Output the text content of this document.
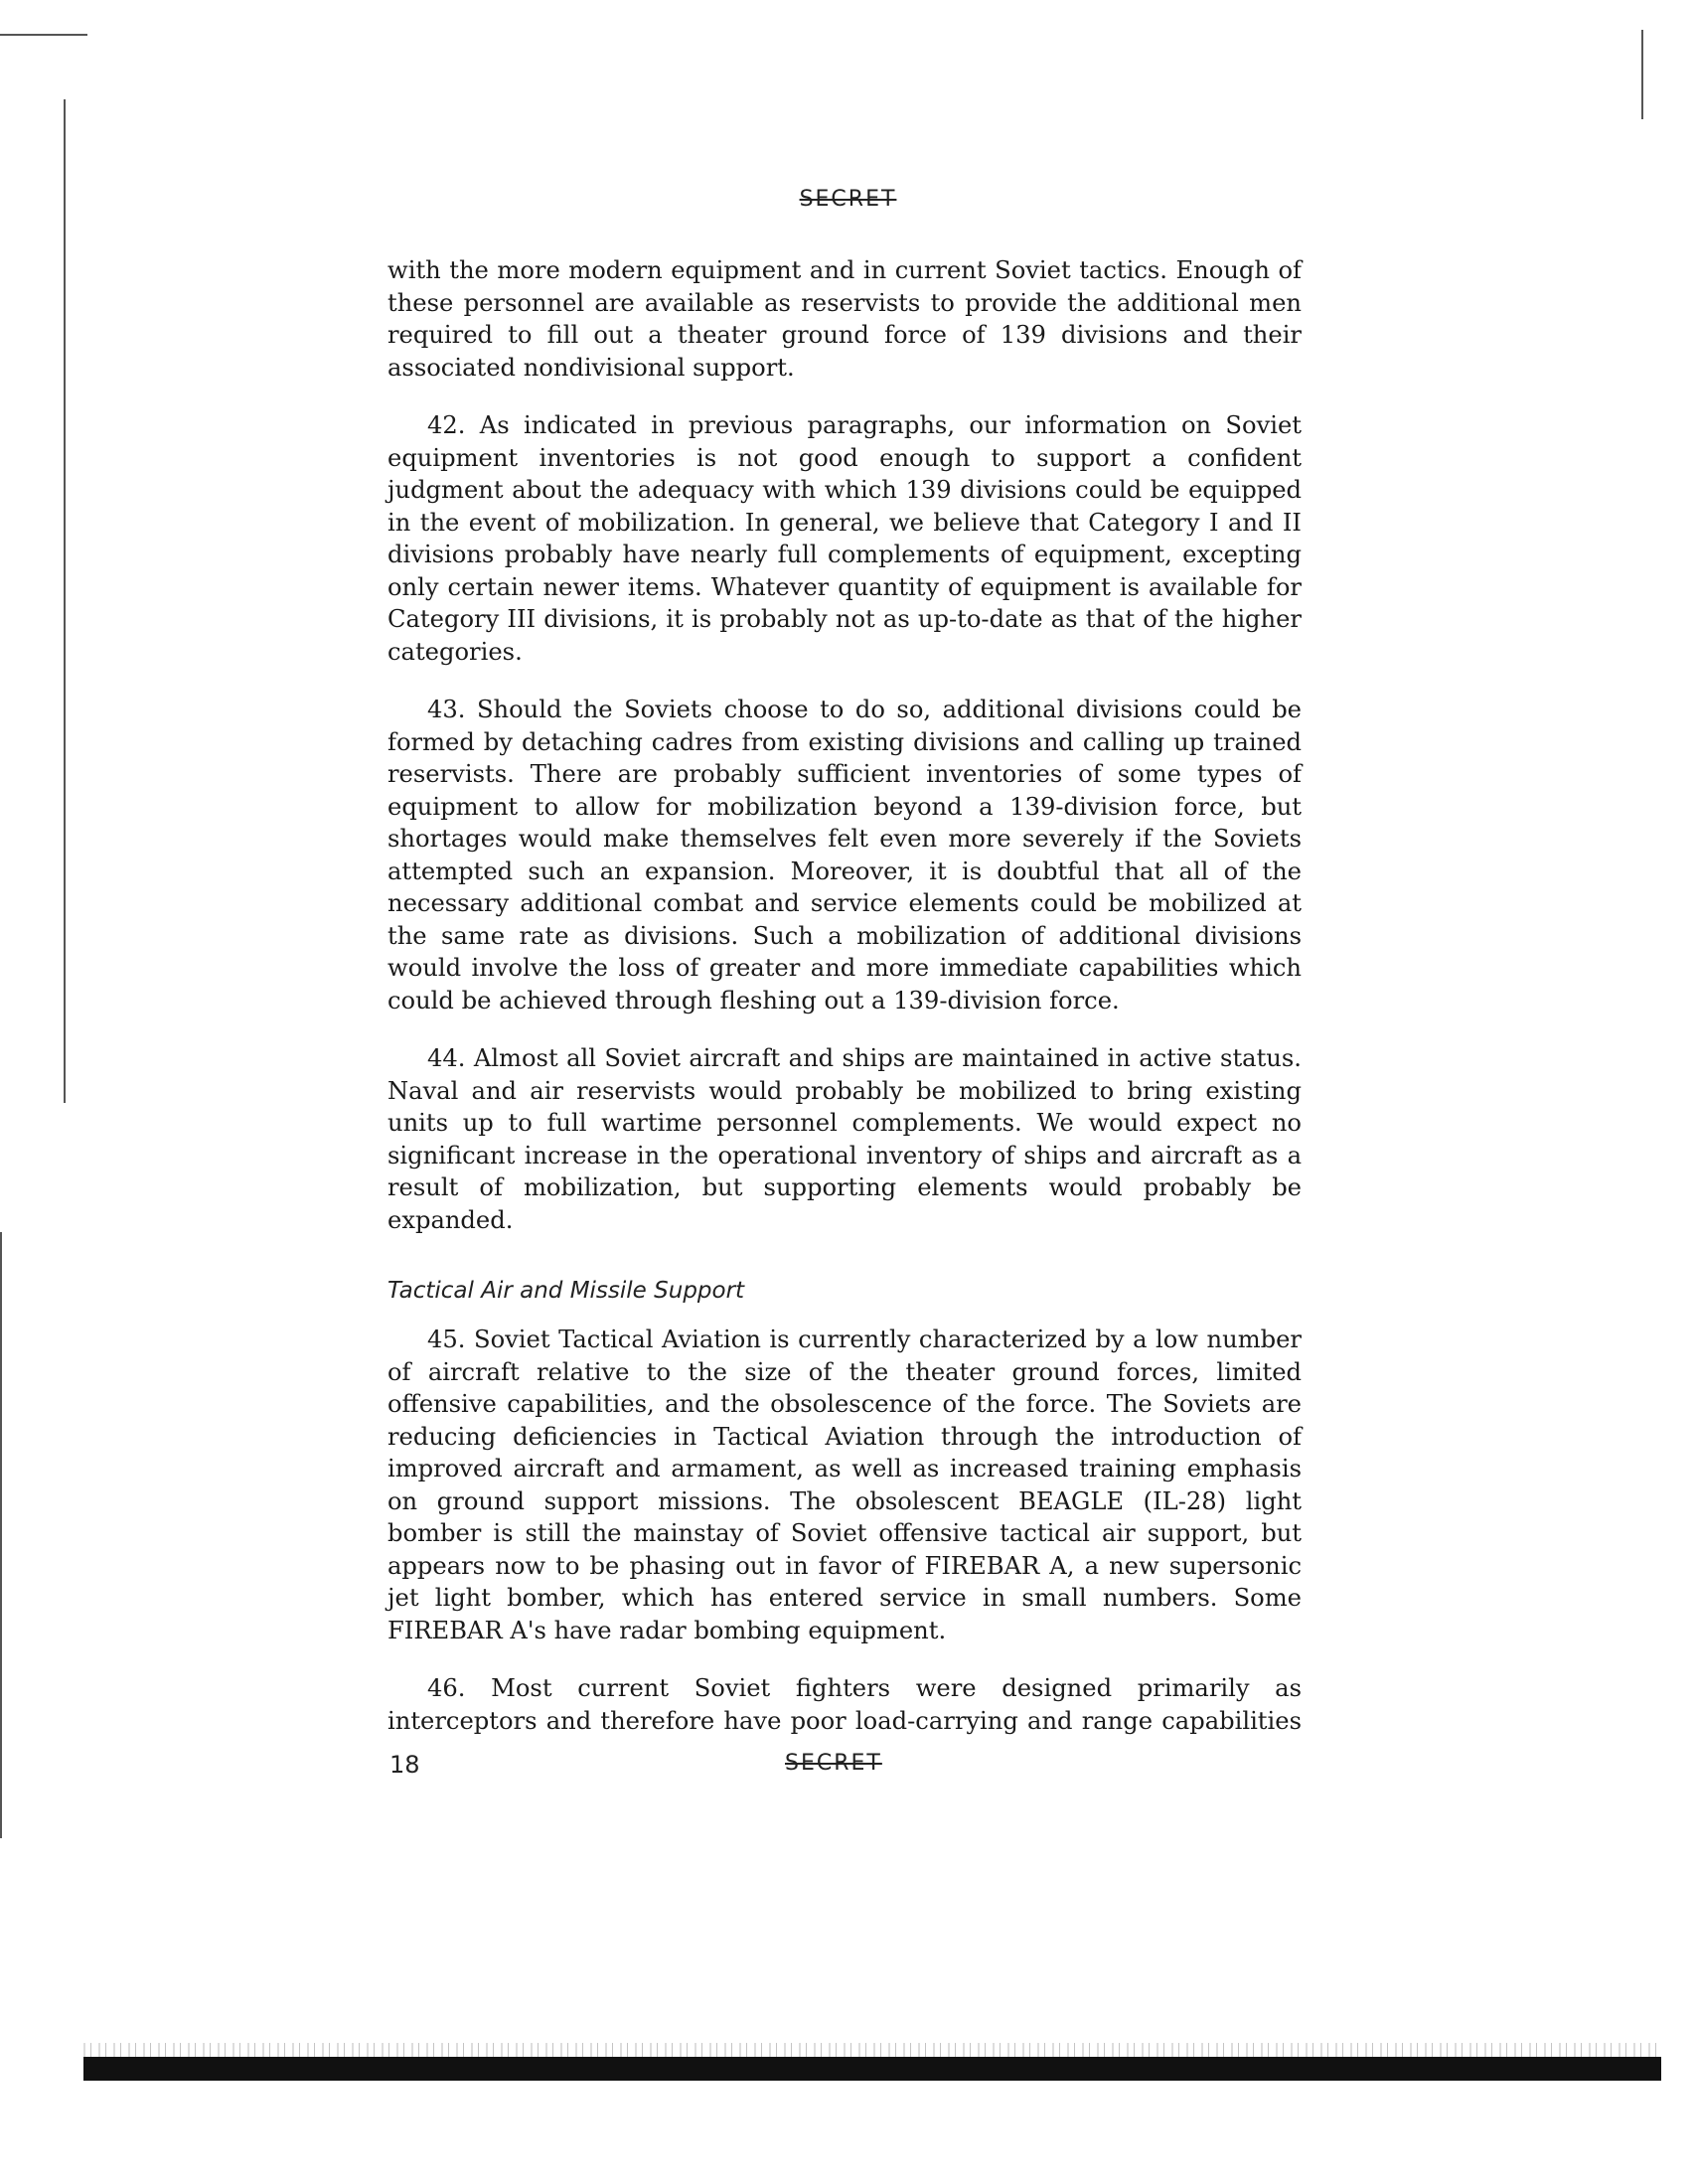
SECRET

with the more modern equipment and in current Soviet tactics. Enough of these personnel are available as reservists to provide the additional men required to fill out a theater ground force of 139 divisions and their associated nondivisional support.

42. As indicated in previous paragraphs, our information on Soviet equipment inventories is not good enough to support a confident judgment about the adequacy with which 139 divisions could be equipped in the event of mobilization. In general, we believe that Category I and II divisions probably have nearly full complements of equipment, excepting only certain newer items. Whatever quantity of equipment is available for Category III divisions, it is probably not as up-to-date as that of the higher categories.

43. Should the Soviets choose to do so, additional divisions could be formed by detaching cadres from existing divisions and calling up trained reservists. There are probably sufficient inventories of some types of equipment to allow for mobilization beyond a 139-division force, but shortages would make themselves felt even more severely if the Soviets attempted such an expansion. Moreover, it is doubtful that all of the necessary additional combat and service elements could be mobilized at the same rate as divisions. Such a mobilization of additional divisions would involve the loss of greater and more immediate capabilities which could be achieved through fleshing out a 139-division force.

44. Almost all Soviet aircraft and ships are maintained in active status. Naval and air reservists would probably be mobilized to bring existing units up to full wartime personnel complements. We would expect no significant increase in the operational inventory of ships and aircraft as a result of mobilization, but supporting elements would probably be expanded.

Tactical Air and Missile Support

45. Soviet Tactical Aviation is currently characterized by a low number of aircraft relative to the size of the theater ground forces, limited offensive capabilities, and the obsolescence of the force. The Soviets are reducing deficiencies in Tactical Aviation through the introduction of improved aircraft and armament, as well as increased training emphasis on ground support missions. The obsolescent BEAGLE (IL-28) light bomber is still the mainstay of Soviet offensive tactical air support, but appears now to be phasing out in favor of FIREBAR A, a new supersonic jet light bomber, which has entered service in small numbers. Some FIREBAR A's have radar bombing equipment.

46. Most current Soviet fighters were designed primarily as interceptors and therefore have poor load-carrying and range capabilities

18	SECRET
